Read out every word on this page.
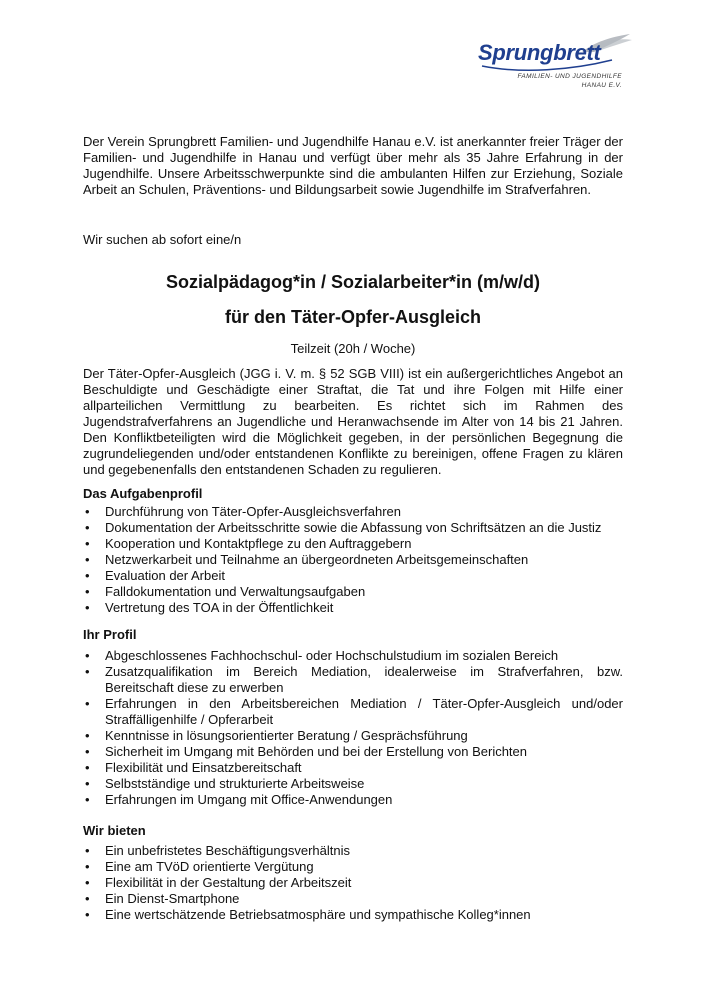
Sprungbrett
FAMILIEN- UND JUGENDHILFE
HANAU E.V.

Der Verein Sprungbrett Familien- und Jugendhilfe Hanau e.V. ist anerkannter freier Träger der Familien- und Jugendhilfe in Hanau und verfügt über mehr als 35 Jahre Erfahrung in der Jugendhilfe. Unsere Arbeitsschwerpunkte sind die ambulanten Hilfen zur Erziehung, Soziale Arbeit an Schulen, Präventions- und Bildungsarbeit sowie Jugendhilfe im Strafverfahren.

Wir suchen ab sofort eine/n
Sozialpädagog*in / Sozialarbeiter*in (m/w/d)
für den Täter-Opfer-Ausgleich
Teilzeit (20h / Woche)

Der Täter-Opfer-Ausgleich (JGG i. V. m. § 52 SGB VIII) ist ein außergerichtliches Angebot an Beschuldigte und Geschädigte einer Straftat, die Tat und ihre Folgen mit Hilfe einer allparteilichen Vermittlung zu bearbeiten. Es richtet sich im Rahmen des Jugendstrafverfahrens an Jugendliche und Heranwachsende im Alter von 14 bis 21 Jahren. Den Konfliktbeteiligten wird die Möglichkeit gegeben, in der persönlichen Begegnung die zugrundeliegenden und/oder entstandenen Konflikte zu bereinigen, offene Fragen zu klären und gegebenenfalls den entstandenen Schaden zu regulieren.

Das Aufgabenprofil
• Durchführung von Täter-Opfer-Ausgleichsverfahren
• Dokumentation der Arbeitsschritte sowie die Abfassung von Schriftsätzen an die Justiz
• Kooperation und Kontaktpflege zu den Auftraggebern
• Netzwerkarbeit und Teilnahme an übergeordneten Arbeitsgemeinschaften
• Evaluation der Arbeit
• Falldokumentation und Verwaltungsaufgaben
• Vertretung des TOA in der Öffentlichkeit
Ihr Profil
• Abgeschlossenes Fachhochschul- oder Hochschulstudium im sozialen Bereich
• Zusatzqualifikation im Bereich Mediation, idealerweise im Strafverfahren, bzw. Bereitschaft diese zu erwerben
• Erfahrungen in den Arbeitsbereichen Mediation / Täter-Opfer-Ausgleich und/oder Straffälligenhilfe / Opferarbeit
• Kenntnisse in lösungsorientierter Beratung / Gesprächsführung
• Sicherheit im Umgang mit Behörden und bei der Erstellung von Berichten
• Flexibilität und Einsatzbereitschaft
• Selbstständige und strukturierte Arbeitsweise
• Erfahrungen im Umgang mit Office-Anwendungen
Wir bieten
• Ein unbefristetes Beschäftigungsverhältnis
• Eine am TVöD orientierte Vergütung
• Flexibilität in der Gestaltung der Arbeitszeit
• Ein Dienst-Smartphone
• Eine wertschätzende Betriebsatmosphäre und sympathische Kolleg*innen
